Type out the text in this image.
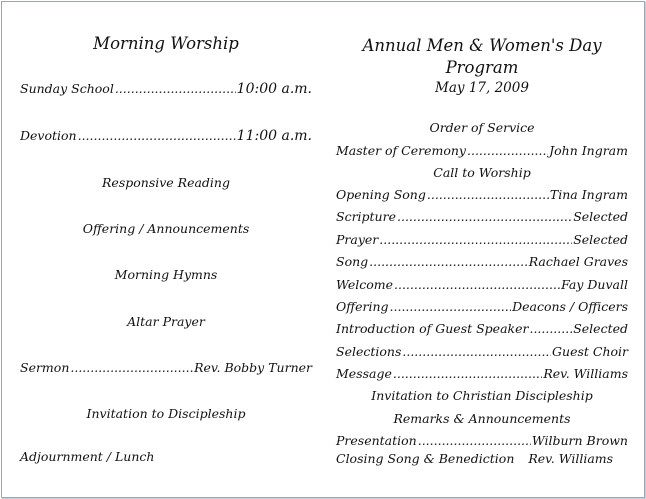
Morning Worship
Sunday School .....	10:00 a.m.
Devotion .....	11:00 a.m.
Responsive Reading
Offering / Announcements
Morning Hymns
Altar Prayer
Sermon .....	Rev. Bobby Turner
Invitation to Discipleship
Adjournment / Lunch
Annual Men & Women's Day
Program
May 17, 2009
Order of Service
Master of Ceremony .....	John Ingram
Call to Worship
Opening Song .....	Tina Ingram
Scripture .....	Selected
Prayer .....	Selected
Song .....	Rachael Graves
Welcome .....	Fay Duvall
Offering .....	Deacons / Officers
Introduction of Guest Speaker .....	Selected
Selections .....	Guest Choir
Message .....	Rev. Williams
Invitation to Christian Discipleship
Remarks & Announcements
Presentation .....	Wilburn Brown
Closing Song & Benediction Rev. Williams
